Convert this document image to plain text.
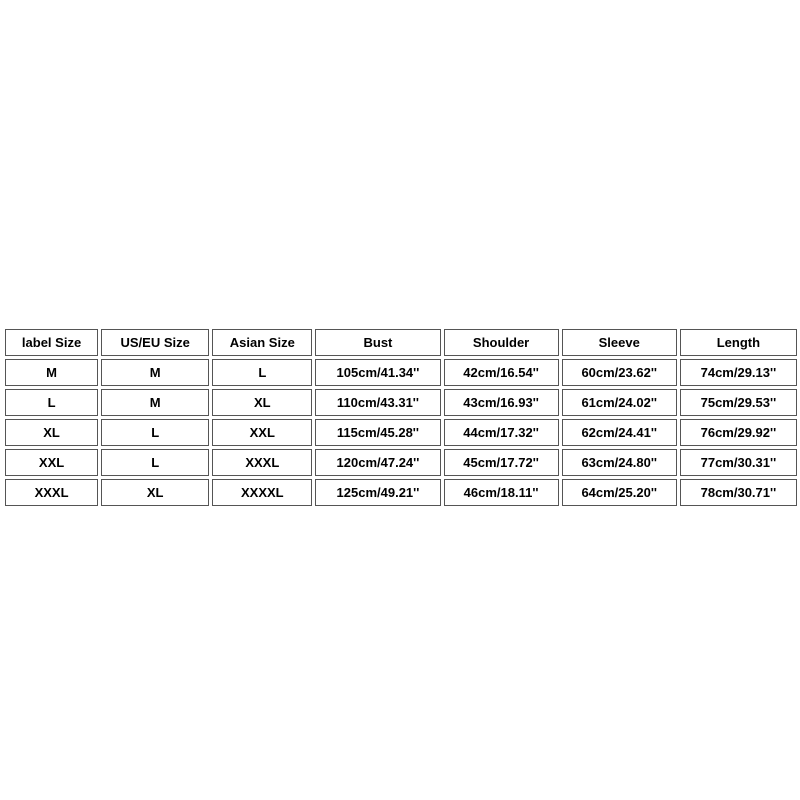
label Size	US/EU Size	Asian Size	Bust	Shoulder	Sleeve	Length
M	M	L	105cm/41.34''	42cm/16.54''	60cm/23.62''	74cm/29.13''
L	M	XL	110cm/43.31''	43cm/16.93''	61cm/24.02''	75cm/29.53''
XL	L	XXL	115cm/45.28''	44cm/17.32''	62cm/24.41''	76cm/29.92''
XXL	L	XXXL	120cm/47.24''	45cm/17.72''	63cm/24.80''	77cm/30.31''
XXXL	XL	XXXXL	125cm/49.21''	46cm/18.11''	64cm/25.20''	78cm/30.71''
